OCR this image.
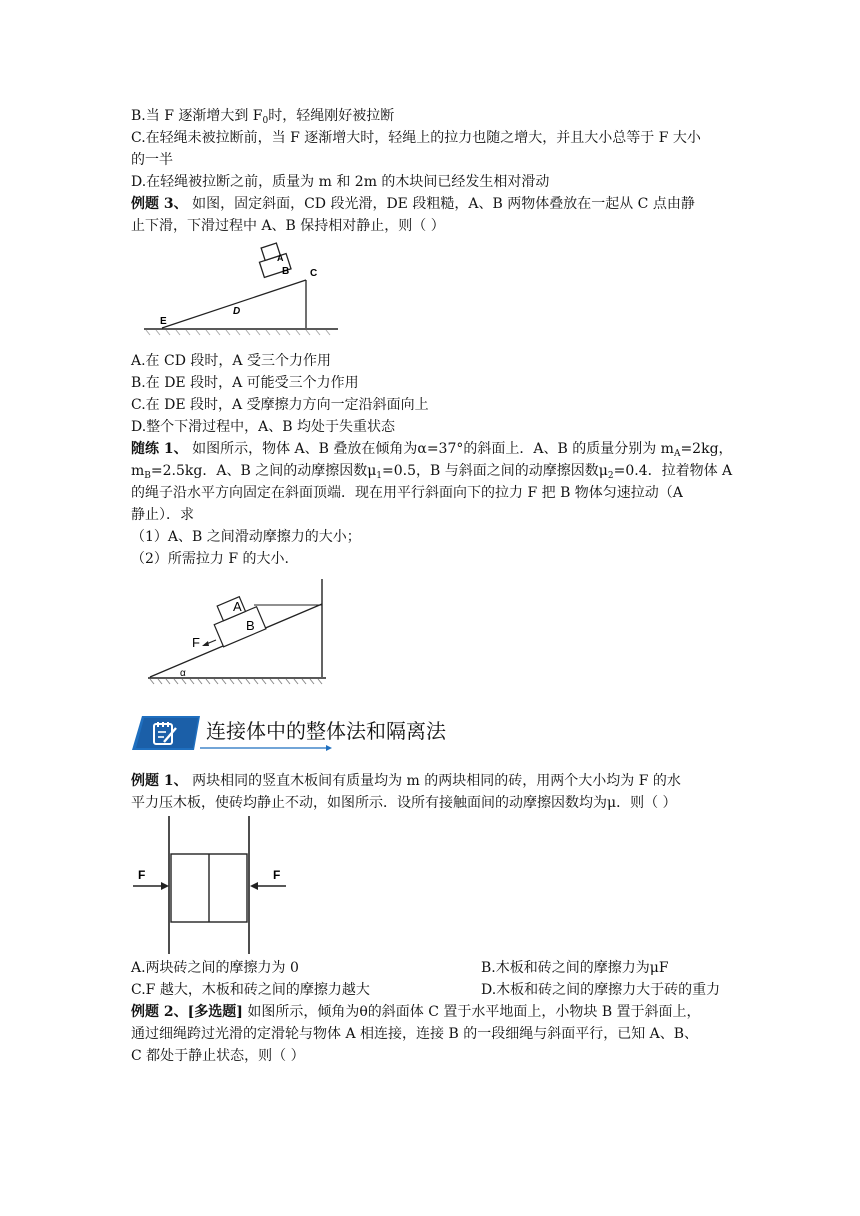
B.当 F 逐渐增大到 $F_0$时，轻绳刚好被拉断
C.在轻绳未被拉断前，当 F 逐渐增大时，轻绳上的拉力也随之增大，并且大小总等于 F 大小
的一半
D.在轻绳被拉断之前，质量为 m 和 2m 的木块间已经发生相对滑动
例题 3、 如图，固定斜面，CD 段光滑，DE 段粗糙，A、B 两物体叠放在一起从 C 点由静
止下滑，下滑过程中 A、B 保持相对静止，则（ ）
A
B C
D
E
A.在 CD 段时，A 受三个力作用
B.在 DE 段时，A 可能受三个力作用
C.在 DE 段时，A 受摩擦力方向一定沿斜面向上
D.整个下滑过程中，A、B 均处于失重状态
随练 1、 如图所示，物体 A、B 叠放在倾角为α=37°的斜面上．A、B 的质量分别为 $m_A=2kg$，
$m_B=2.5kg$．A、B 之间的动摩擦因数$\mu_1=0.5$，B 与斜面之间的动摩擦因数$\mu_2=0.4$．拉着物体 A
的绳子沿水平方向固定在斜面顶端．现在用平行斜面向下的拉力 F 把 B 物体匀速拉动（A
静止）．求
（1）A、B 之间滑动摩擦力的大小；
（2）所需拉力 F 的大小.
A
B
F
α
连接体中的整体法和隔离法
例题 1、 两块相同的竖直木板间有质量均为 m 的两块相同的砖，用两个大小均为 F 的水
平力压木板，使砖均静止不动，如图所示．设所有接触面间的动摩擦因数均为μ．则（ ）
F	F
A.两块砖之间的摩擦力为 0	B.木板和砖之间的摩擦力为μF
C.F 越大，木板和砖之间的摩擦力越大	D.木板和砖之间的摩擦力大于砖的重力
例题 2、[多选题] 如图所示，倾角为θ的斜面体 C 置于水平地面上，小物块 B 置于斜面上，
通过细绳跨过光滑的定滑轮与物体 A 相连接，连接 B 的一段细绳与斜面平行，已知 A、B、
C 都处于静止状态，则（ ）
